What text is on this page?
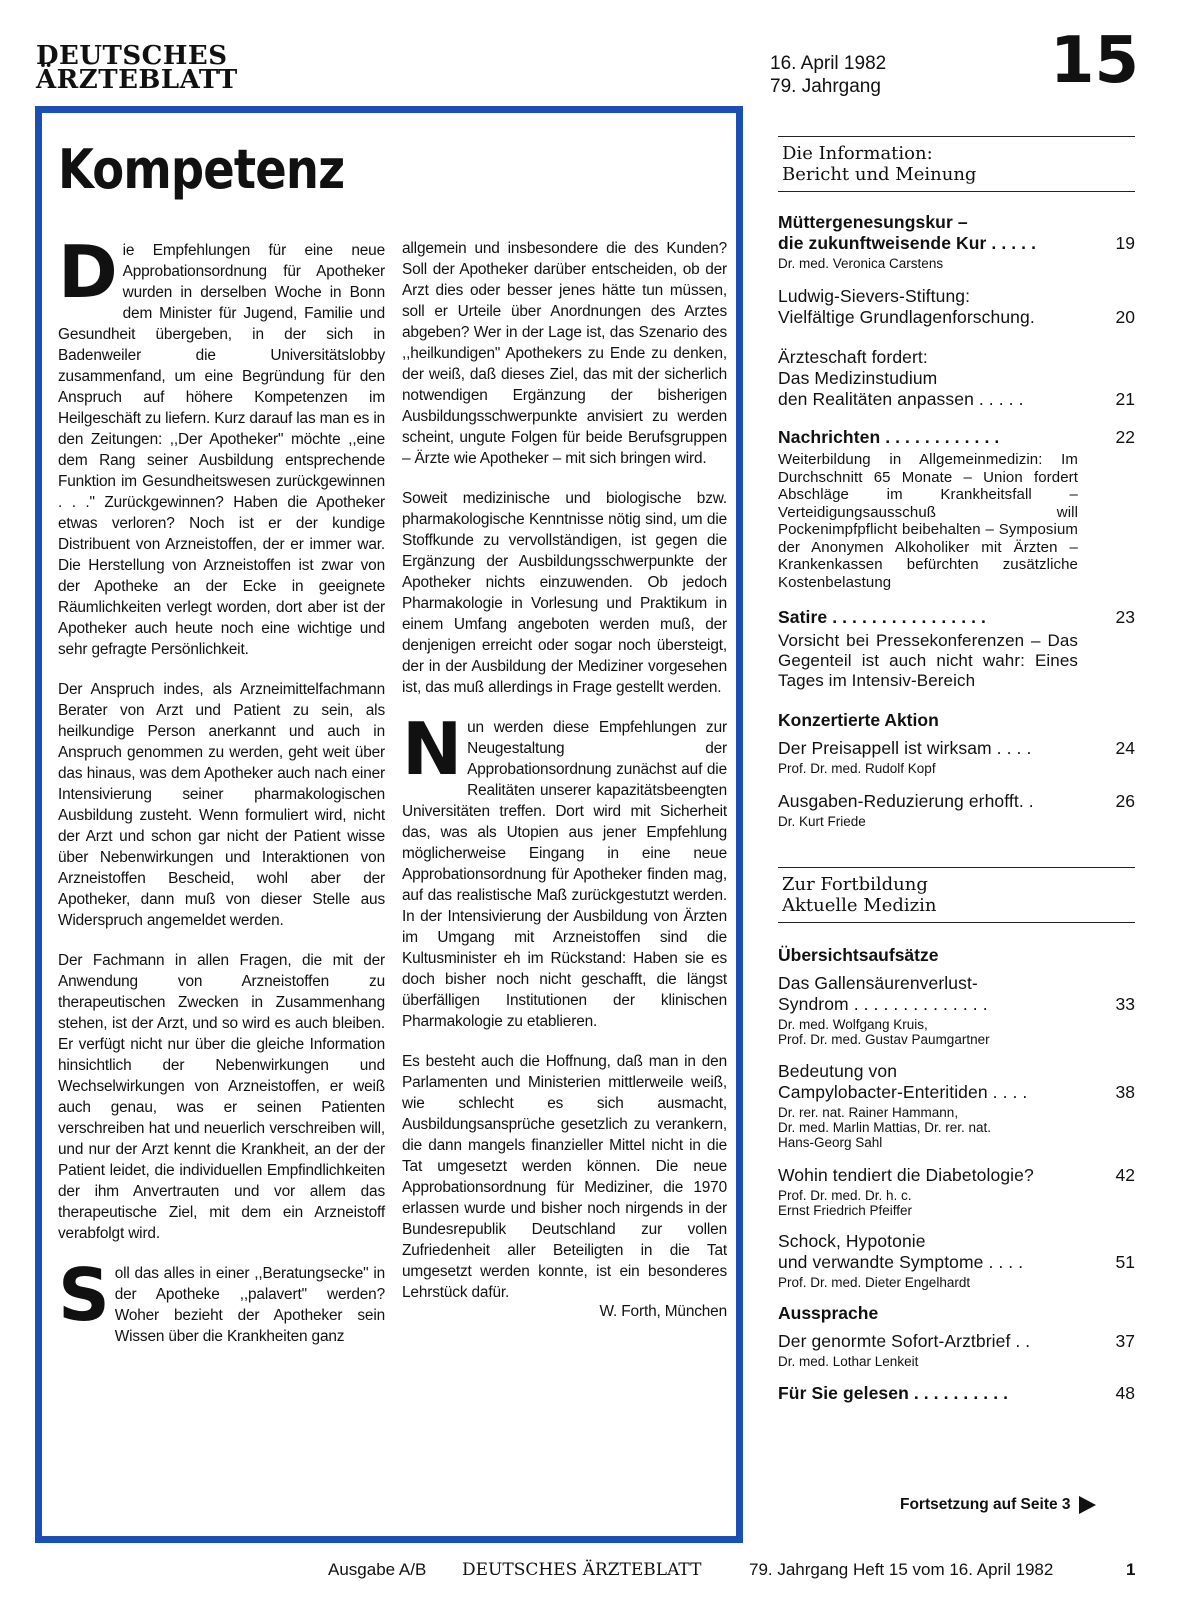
DEUTSCHES
ÄRZTEBLATT
16. April 1982
79. Jahrgang	15
Kompetenz

Die Empfehlungen für eine neue Approbationsordnung für Apotheker wurden in derselben Woche in Bonn dem Minister für Jugend, Familie und Gesundheit übergeben, in der sich in Badenweiler die Universitätslobby zusammenfand, um eine Begründung für den Anspruch auf höhere Kompetenzen im Heilgeschäft zu liefern. Kurz darauf las man es in den Zeitungen: ,,Der Apotheker" möchte ,,eine dem Rang seiner Ausbildung entsprechende Funktion im Gesundheitswesen zurückgewinnen . . ." Zurückgewinnen? Haben die Apotheker etwas verloren? Noch ist er der kundige Distribuent von Arzneistoffen, der er immer war. Die Herstellung von Arzneistoffen ist zwar von der Apotheke an der Ecke in geeignete Räumlichkeiten verlegt worden, dort aber ist der Apotheker auch heute noch eine wichtige und sehr gefragte Persönlichkeit.

Der Anspruch indes, als Arzneimittelfachmann Berater von Arzt und Patient zu sein, als heilkundige Person anerkannt und auch in Anspruch genommen zu werden, geht weit über das hinaus, was dem Apotheker auch nach einer Intensivierung seiner pharmakologischen Ausbildung zusteht. Wenn formuliert wird, nicht der Arzt und schon gar nicht der Patient wisse über Nebenwirkungen und Interaktionen von Arzneistoffen Bescheid, wohl aber der Apotheker, dann muß von dieser Stelle aus Widerspruch angemeldet werden.

Der Fachmann in allen Fragen, die mit der Anwendung von Arzneistoffen zu therapeutischen Zwecken in Zusammenhang stehen, ist der Arzt, und so wird es auch bleiben. Er verfügt nicht nur über die gleiche Information hinsichtlich der Nebenwirkungen und Wechselwirkungen von Arzneistoffen, er weiß auch genau, was er seinen Patienten verschreiben hat und neuerlich verschreiben will, und nur der Arzt kennt die Krankheit, an der der Patient leidet, die individuellen Empfindlichkeiten der ihm Anvertrauten und vor allem das therapeutische Ziel, mit dem ein Arzneistoff verabfolgt wird.

Soll das alles in einer ,,Beratungsecke" in der Apotheke ,,palavert" werden? Woher bezieht der Apotheker sein Wissen über die Krankheiten ganz

allgemein und insbesondere die des Kunden? Soll der Apotheker darüber entscheiden, ob der Arzt dies oder besser jenes hätte tun müssen, soll er Urteile über Anordnungen des Arztes abgeben? Wer in der Lage ist, das Szenario des ,,heilkundigen" Apothekers zu Ende zu denken, der weiß, daß dieses Ziel, das mit der sicherlich notwendigen Ergänzung der bisherigen Ausbildungsschwerpunkte anvisiert zu werden scheint, ungute Folgen für beide Berufsgruppen – Ärzte wie Apotheker – mit sich bringen wird.

Soweit medizinische und biologische bzw. pharmakologische Kenntnisse nötig sind, um die Stoffkunde zu vervollständigen, ist gegen die Ergänzung der Ausbildungsschwerpunkte der Apotheker nichts einzuwenden. Ob jedoch Pharmakologie in Vorlesung und Praktikum in einem Umfang angeboten werden muß, der denjenigen erreicht oder sogar noch übersteigt, der in der Ausbildung der Mediziner vorgesehen ist, das muß allerdings in Frage gestellt werden.

Nun werden diese Empfehlungen zur Neugestaltung der Approbationsordnung zunächst auf die Realitäten unserer kapazitätsbeengten Universitäten treffen. Dort wird mit Sicherheit das, was als Utopien aus jener Empfehlung möglicherweise Eingang in eine neue Approbationsordnung für Apotheker finden mag, auf das realistische Maß zurückgestutzt werden. In der Intensivierung der Ausbildung von Ärzten im Umgang mit Arzneistoffen sind die Kultusminister eh im Rückstand: Haben sie es doch bisher noch nicht geschafft, die längst überfälligen Institutionen der klinischen Pharmakologie zu etablieren.

Es besteht auch die Hoffnung, daß man in den Parlamenten und Ministerien mittlerweile weiß, wie schlecht es sich ausmacht, Ausbildungsansprüche gesetzlich zu verankern, die dann mangels finanzieller Mittel nicht in die Tat umgesetzt werden können. Die neue Approbationsordnung für Mediziner, die 1970 erlassen wurde und bisher noch nirgends in der Bundesrepublik Deutschland zur vollen Zufriedenheit aller Beteiligten in die Tat umgesetzt werden konnte, ist ein besonderes Lehrstück dafür.

W. Forth, München
Die Information:
Bericht und Meinung
Müttergenesungskur –
die zukunftweisende Kur . . . . .	19
Dr. med. Veronica Carstens
Ludwig-Sievers-Stiftung:
Vielfältige Grundlagenforschung.	20
Ärzteschaft fordert:
Das Medizinstudium
den Realitäten anpassen . . . . .	21
Nachrichten . . . . . . . . . . . .	22
Weiterbildung in Allgemeinmedizin: Im Durchschnitt 65 Monate – Union fordert Abschläge im Krankheitsfall – Verteidigungsausschuß will Pockenimpfpflicht beibehalten – Symposium der Anonymen Alkoholiker mit Ärzten – Krankenkassen befürchten zusätzliche Kostenbelastung
Satire . . . . . . . . . . . . . . . .	23
Vorsicht bei Pressekonferenzen – Das Gegenteil ist auch nicht wahr: Eines Tages im Intensiv-Bereich
Konzertierte Aktion
Der Preisappell ist wirksam . . . .	24
Prof. Dr. med. Rudolf Kopf
Ausgaben-Reduzierung erhofft. .	26
Dr. Kurt Friede
Zur Fortbildung
Aktuelle Medizin
Übersichtsaufsätze
Das Gallensäurenverlust-
Syndrom . . . . . . . . . . . . . .	33
Dr. med. Wolfgang Kruis,
Prof. Dr. med. Gustav Paumgartner
Bedeutung von
Campylobacter-Enteritiden . . . .	38
Dr. rer. nat. Rainer Hammann,
Dr. med. Marlin Mattias, Dr. rer. nat.
Hans-Georg Sahl
Wohin tendiert die Diabetologie?	42
Prof. Dr. med. Dr. h. c.
Ernst Friedrich Pfeiffer
Schock, Hypotonie
und verwandte Symptome . . . .	51
Prof. Dr. med. Dieter Engelhardt
Aussprache
Der genormte Sofort-Arztbrief . .	37
Dr. med. Lothar Lenkeit
Für Sie gelesen . . . . . . . . . .	48
Fortsetzung auf Seite 3
Ausgabe A/B DEUTSCHES ÄRZTEBLATT	79. Jahrgang Heft 15 vom 16. April 1982	1
